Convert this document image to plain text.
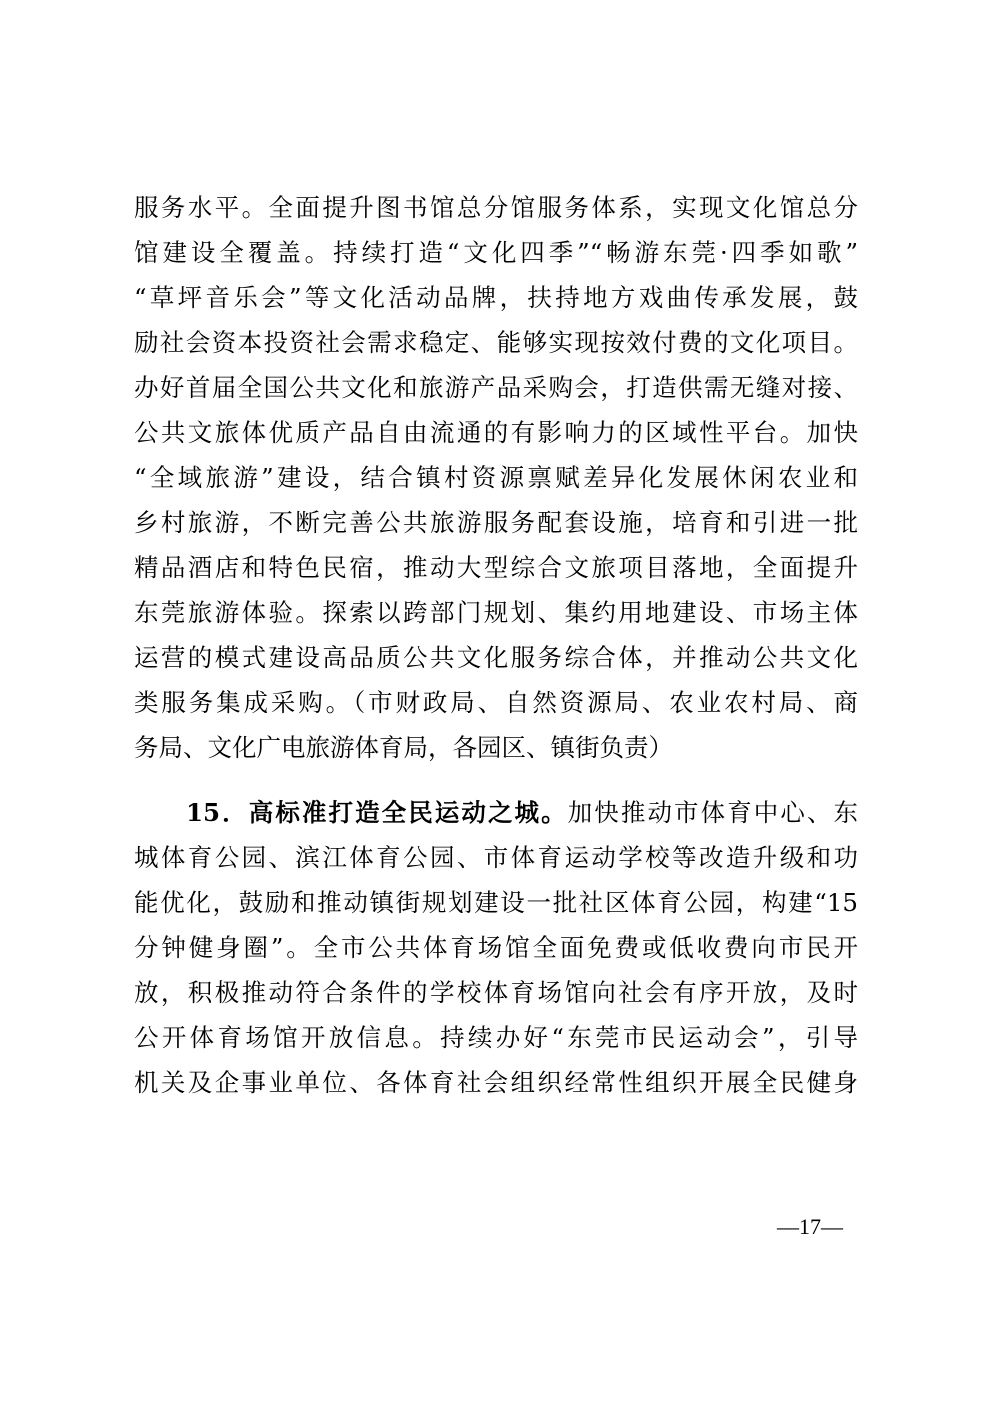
服务水平。全面提升图书馆总分馆服务体系，实现文化馆总分
馆建设全覆盖。持续打造“文化四季”“畅游东莞·四季如歌”
“草坪音乐会”等文化活动品牌，扶持地方戏曲传承发展，鼓
励社会资本投资社会需求稳定、能够实现按效付费的文化项目。
办好首届全国公共文化和旅游产品采购会，打造供需无缝对接、
公共文旅体优质产品自由流通的有影响力的区域性平台。加快
“全域旅游”建设，结合镇村资源禀赋差异化发展休闲农业和
乡村旅游，不断完善公共旅游服务配套设施，培育和引进一批
精品酒店和特色民宿，推动大型综合文旅项目落地，全面提升
东莞旅游体验。探索以跨部门规划、集约用地建设、市场主体
运营的模式建设高品质公共文化服务综合体，并推动公共文化
类服务集成采购。（市财政局、自然资源局、农业农村局、商
务局、文化广电旅游体育局，各园区、镇街负责）
15．高标准打造全民运动之城。加快推动市体育中心、东
城体育公园、滨江体育公园、市体育运动学校等改造升级和功
能优化，鼓励和推动镇街规划建设一批社区体育公园，构建“15
分钟健身圈”。全市公共体育场馆全面免费或低收费向市民开
放，积极推动符合条件的学校体育场馆向社会有序开放，及时
公开体育场馆开放信息。持续办好“东莞市民运动会”，引导
机关及企事业单位、各体育社会组织经常性组织开展全民健身
—17—
